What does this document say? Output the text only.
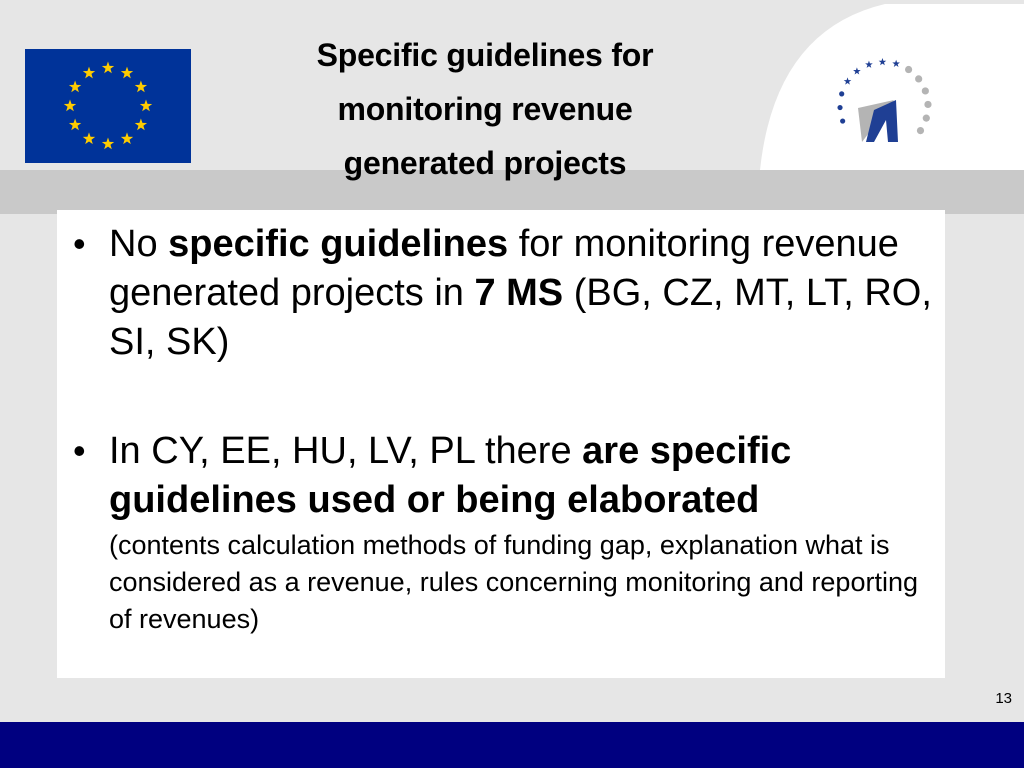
Specific guidelines for
monitoring revenue
generated projects
• No specific guidelines for monitoring revenue generated projects in 7 MS (BG, CZ, MT, LT, RO, SI, SK)
• In CY, EE, HU, LV, PL there are specific guidelines used or being elaborated
(contents calculation methods of funding gap, explanation what is considered as a revenue, rules concerning monitoring and reporting of revenues)
13
